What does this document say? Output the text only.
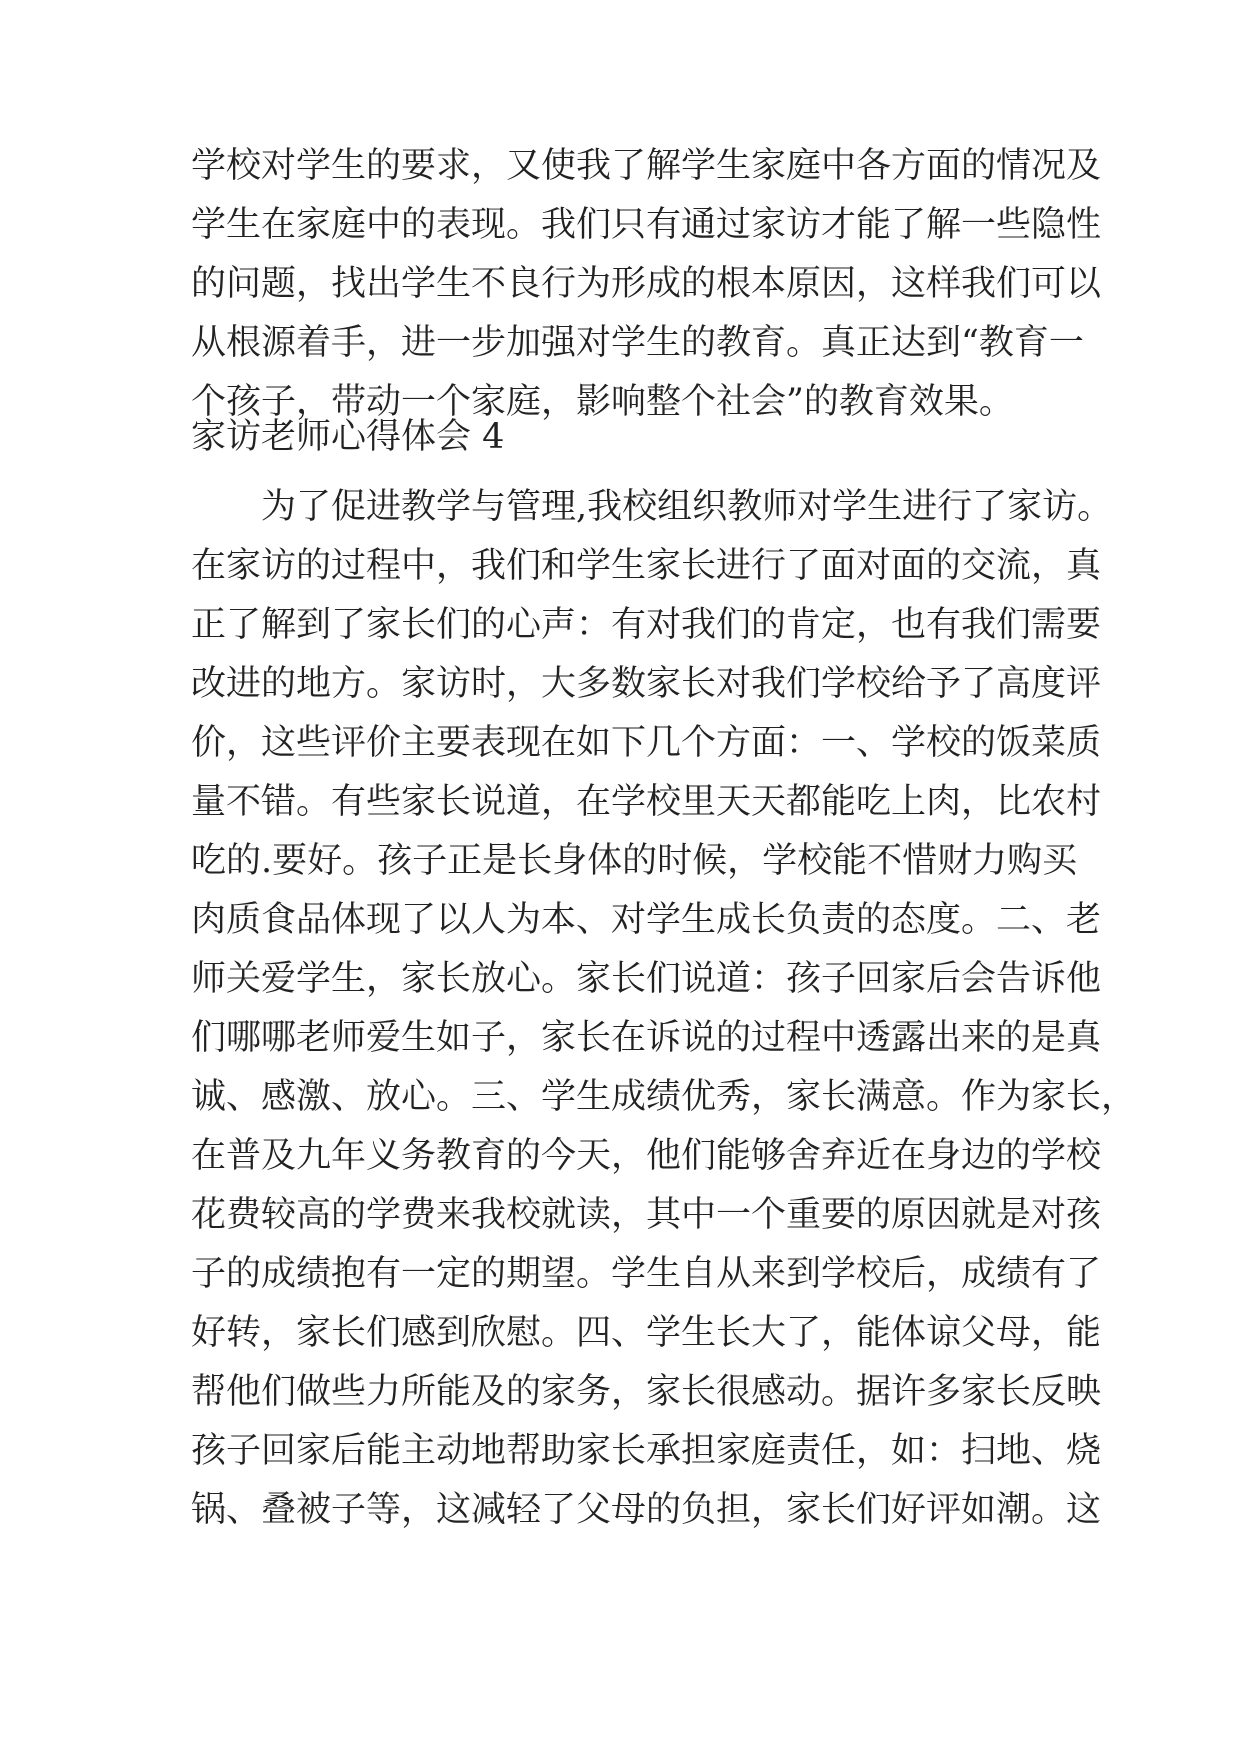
学校对学生的要求，又使我了解学生家庭中各方面的情况及
学生在家庭中的表现。我们只有通过家访才能了解一些隐性
的问题，找出学生不良行为形成的根本原因，这样我们可以
从根源着手，进一步加强对学生的教育。真正达到“教育一
个孩子，带动一个家庭，影响整个社会”的教育效果。
家访老师心得体会 4
为了促进教学与管理,我校组织教师对学生进行了家访。
在家访的过程中，我们和学生家长进行了面对面的交流，真
正了解到了家长们的心声：有对我们的肯定，也有我们需要
改进的地方。家访时，大多数家长对我们学校给予了高度评
价，这些评价主要表现在如下几个方面：一、学校的饭菜质
量不错。有些家长说道，在学校里天天都能吃上肉，比农村
吃的.要好。孩子正是长身体的时候，学校能不惜财力购买
肉质食品体现了以人为本、对学生成长负责的态度。二、老
师关爱学生，家长放心。家长们说道：孩子回家后会告诉他
们哪哪老师爱生如子，家长在诉说的过程中透露出来的是真
诚、感激、放心。三、学生成绩优秀，家长满意。作为家长，
在普及九年义务教育的今天，他们能够舍弃近在身边的学校
花费较高的学费来我校就读，其中一个重要的原因就是对孩
子的成绩抱有一定的期望。学生自从来到学校后，成绩有了
好转，家长们感到欣慰。四、学生长大了，能体谅父母，能
帮他们做些力所能及的家务，家长很感动。据许多家长反映
孩子回家后能主动地帮助家长承担家庭责任，如：扫地、烧
锅、叠被子等，这减轻了父母的负担，家长们好评如潮。这
